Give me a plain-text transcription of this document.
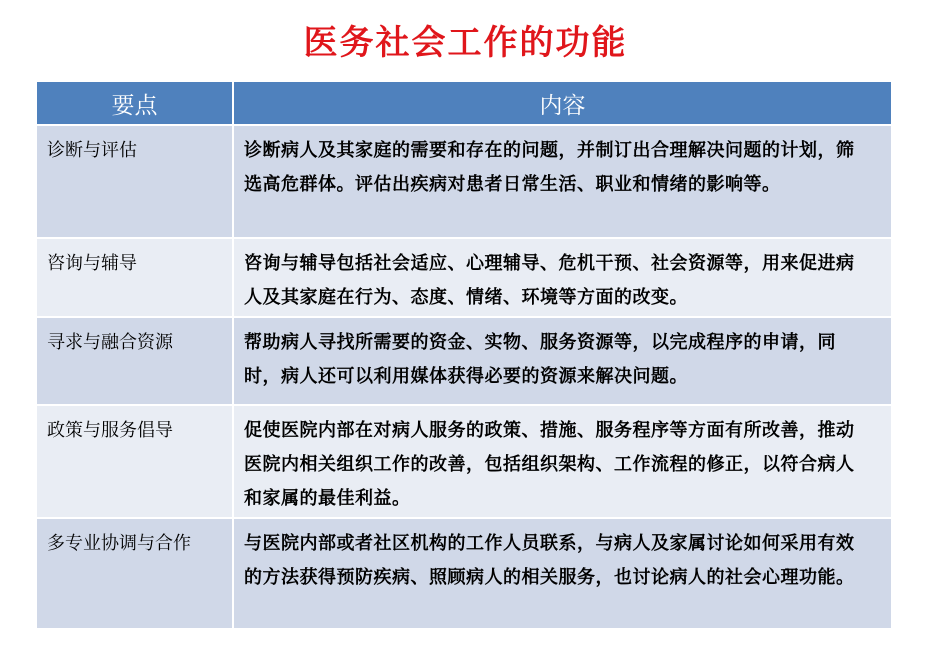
医务社会工作的功能
要点	内容
诊断与评估	诊断病人及其家庭的需要和存在的问题，并制订出合理解决问题的计划，筛选高危群体。评估出疾病对患者日常生活、职业和情绪的影响等。
咨询与辅导	咨询与辅导包括社会适应、心理辅导、危机干预、社会资源等，用来促进病人及其家庭在行为、态度、情绪、环境等方面的改变。
寻求与融合资源	帮助病人寻找所需要的资金、实物、服务资源等，以完成程序的申请，同时，病人还可以利用媒体获得必要的资源来解决问题。
政策与服务倡导	促使医院内部在对病人服务的政策、措施、服务程序等方面有所改善，推动医院内相关组织工作的改善，包括组织架构、工作流程的修正，以符合病人和家属的最佳利益。
多专业协调与合作	与医院内部或者社区机构的工作人员联系，与病人及家属讨论如何采用有效的方法获得预防疾病、照顾病人的相关服务，也讨论病人的社会心理功能。
